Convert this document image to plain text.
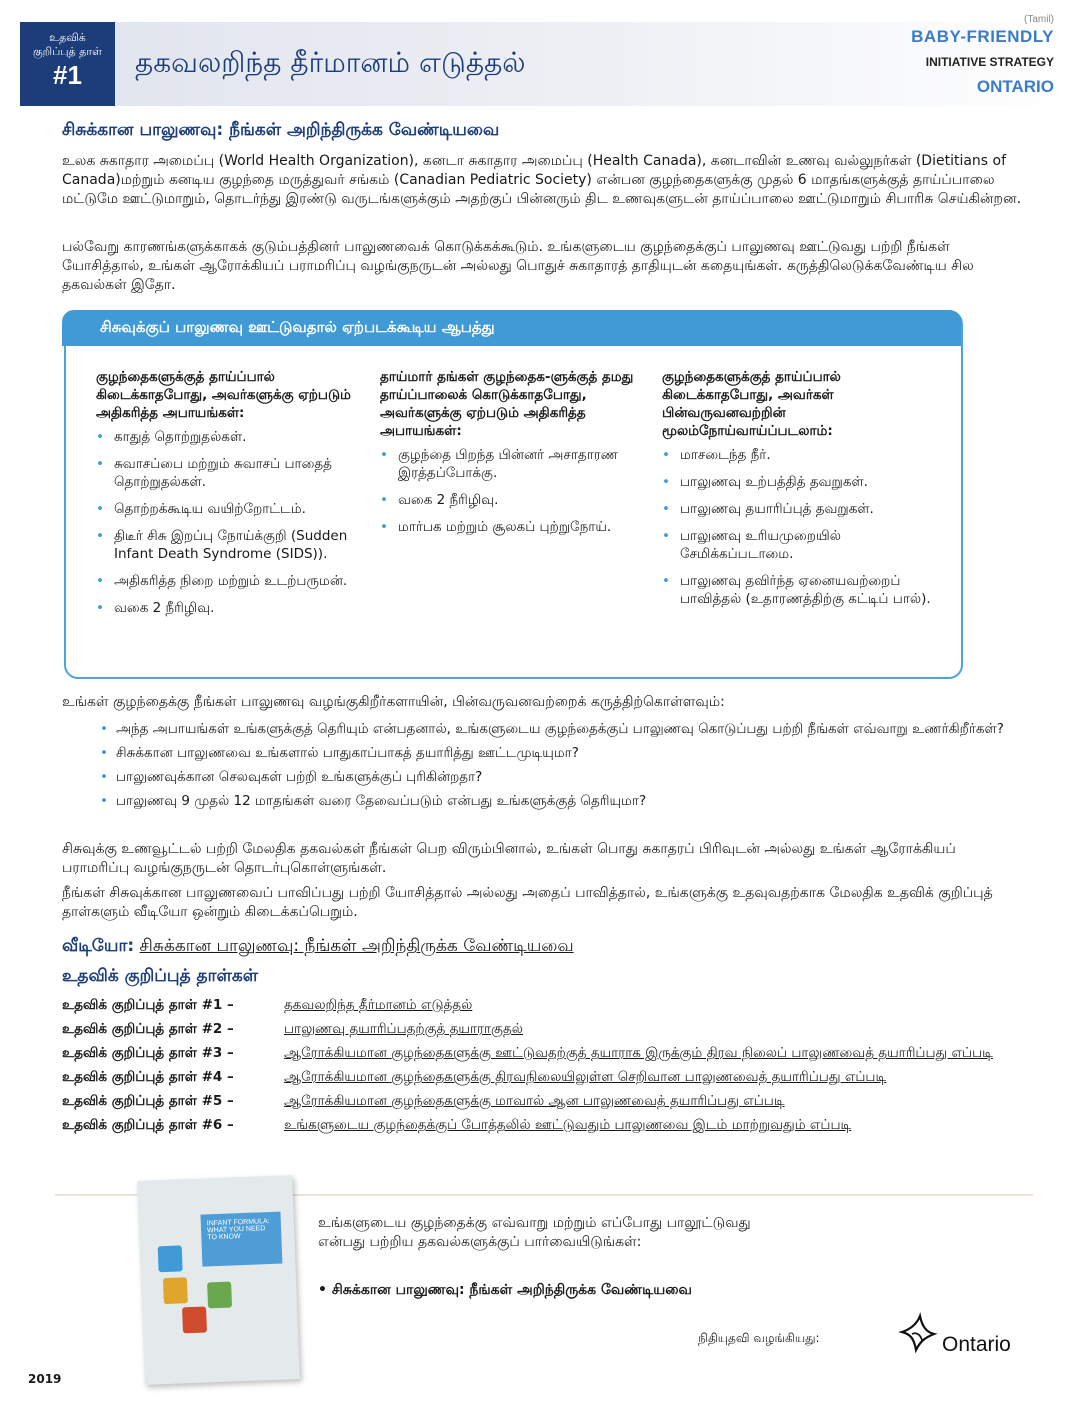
உதவிக்
குறிப்புத் தாள்
#1	தகவலறிந்த தீர்மானம் எடுத்தல்
(Tamil)
BABY-FRIENDLY
INITIATIVE STRATEGY
ONTARIO
சிசுக்கான பாலுணவு: நீங்கள் அறிந்திருக்க வேண்டியவை
உலக சுகாதார அமைப்பு (World Health Organization), கனடா சுகாதார அமைப்பு (Health Canada), கனடாவின் உணவு வல்லுநர்கள் (Dietitians of Canada)மற்றும் கனடிய குழந்தை மருத்துவர் சங்கம் (Canadian Pediatric Society) என்பன குழந்தைகளுக்கு முதல் 6 மாதங்களுக்குத் தாய்ப்பாலை மட்டுமே ஊட்டுமாறும், தொடர்ந்து இரண்டு வருடங்களுக்கும் அதற்குப் பின்னரும் திட உணவுகளுடன் தாய்ப்பாலை ஊட்டுமாறும் சிபாரிசு செய்கின்றன.
பல்வேறு காரணங்களுக்காகக் குடும்பத்தினர் பாலுணவைக் கொடுக்கக்கூடும். உங்களுடைய குழந்தைக்குப் பாலுணவு ஊட்டுவது பற்றி நீங்கள் யோசித்தால், உங்கள் ஆரோக்கியப் பராமரிப்பு வழங்குநருடன் அல்லது பொதுச் சுகாதாரத் தாதியுடன் கதையுங்கள். கருத்திலெடுக்கவேண்டிய சில தகவல்கள் இதோ.
சிசுவுக்குப் பாலுணவு ஊட்டுவதால் ஏற்படக்கூடிய ஆபத்து
குழந்தைகளுக்குத் தாய்ப்பால் கிடைக்காதபோது, அவர்களுக்கு ஏற்படும் அதிகரித்த அபாயங்கள்:
• காதுத் தொற்றுதல்கள்.
• சுவாசப்பை மற்றும் சுவாசப் பாதைத் தொற்றுதல்கள்.
• தொற்றக்கூடிய வயிற்றோட்டம்.
• திடீர் சிசு இறப்பு நோய்க்குறி (Sudden Infant Death Syndrome (SIDS)).
• அதிகரித்த நிறை மற்றும் உடற்பருமன்.
• வகை 2 நீரிழிவு.
தாய்மார் தங்கள் குழந்தைக-ளுக்குத் தமது தாய்ப்பாலைக் கொடுக்காதபோது, அவர்களுக்கு ஏற்படும் அதிகரித்த அபாயங்கள்:
• குழந்தை பிறந்த பின்னர் அசாதாரண இரத்தப்போக்கு.
• வகை 2 நீரிழிவு.
• மார்பக மற்றும் சூலகப் புற்றுநோய்.
குழந்தைகளுக்குத் தாய்ப்பால் கிடைக்காதபோது, அவர்கள் பின்வருவனவற்றின் மூலம்நோய்வாய்ப்படலாம்:
• மாசடைந்த நீர்.
• பாலுணவு உற்பத்தித் தவறுகள்.
• பாலுணவு தயாரிப்புத் தவறுகள்.
• பாலுணவு உரியமுறையில் சேமிக்கப்படாமை.
• பாலுணவு தவிர்ந்த ஏனையவற்றைப் பாவித்தல் (உதாரணத்திற்கு கட்டிப் பால்).
உங்கள் குழந்தைக்கு நீங்கள் பாலுணவு வழங்குகிறீர்களாயின், பின்வருவனவற்றைக் கருத்திற்கொள்ளவும்:
• அந்த அபாயங்கள் உங்களுக்குத் தெரியும் என்பதனால், உங்களுடைய குழந்தைக்குப் பாலுணவு கொடுப்பது பற்றி நீங்கள் எவ்வாறு உணர்கிறீர்கள்?
• சிசுக்கான பாலுணவை உங்களால் பாதுகாப்பாகத் தயாரித்து ஊட்டமுடியுமா?
• பாலுணவுக்கான செலவுகள் பற்றி உங்களுக்குப் புரிகின்றதா?
• பாலுணவு 9 முதல் 12 மாதங்கள் வரை தேவைப்படும் என்பது உங்களுக்குத் தெரியுமா?
சிசுவுக்கு உணவூட்டல் பற்றி மேலதிக தகவல்கள் நீங்கள் பெற விரும்பினால், உங்கள் பொது சுகாதரப் பிரிவுடன் அல்லது உங்கள் ஆரோக்கியப் பராமரிப்பு வழங்குநருடன் தொடர்புகொள்ளுங்கள்.
நீங்கள் சிசுவுக்கான பாலுணவைப் பாவிப்பது பற்றி யோசித்தால் அல்லது அதைப் பாவித்தால், உங்களுக்கு உதவுவதற்காக மேலதிக உதவிக் குறிப்புத் தாள்களும் வீடியோ ஒன்றும் கிடைக்கப்பெறும்.
வீடியோ: சிசுக்கான பாலுணவு: நீங்கள் அறிந்திருக்க வேண்டியவை
உதவிக் குறிப்புத் தாள்கள்
உதவிக் குறிப்புத் தாள் #1 –	தகவலறிந்த தீர்மானம் எடுத்தல்
உதவிக் குறிப்புத் தாள் #2 –	பாலுணவு தயாரிப்பதற்குத் தயாராகுதல்
உதவிக் குறிப்புத் தாள் #3 –	ஆரோக்கியமான குழந்தைகளுக்கு ஊட்டுவதற்குத் தயாராக இருக்கும் திரவ நிலைப் பாலுணவைத் தயாரிப்பது எப்படி
உதவிக் குறிப்புத் தாள் #4 –	ஆரோக்கியமான குழந்தைகளுக்கு திரவநிலையிலுள்ள செறிவான பாலுணவைத் தயாரிப்பது எப்படி
உதவிக் குறிப்புத் தாள் #5 –	ஆரோக்கியமான குழந்தைகளுக்கு மாவால் ஆன பாலுணவைத் தயாரிப்பது எப்படி
உதவிக் குறிப்புத் தாள் #6 –	உங்களுடைய குழந்தைக்குப் போத்தலில் ஊட்டுவதும் பாலுணவை இடம் மாற்றுவதும் எப்படி
INFANT FORMULA: WHAT YOU NEED TO KNOW
உங்களுடைய குழந்தைக்கு எவ்வாறு மற்றும் எப்போது பாலூட்டுவது என்பது பற்றிய தகவல்களுக்குப் பார்வையிடுங்கள்:
• சிசுக்கான பாலுணவு: நீங்கள் அறிந்திருக்க வேண்டியவை
நிதியுதவி வழங்கியது:	Ontario
2019
